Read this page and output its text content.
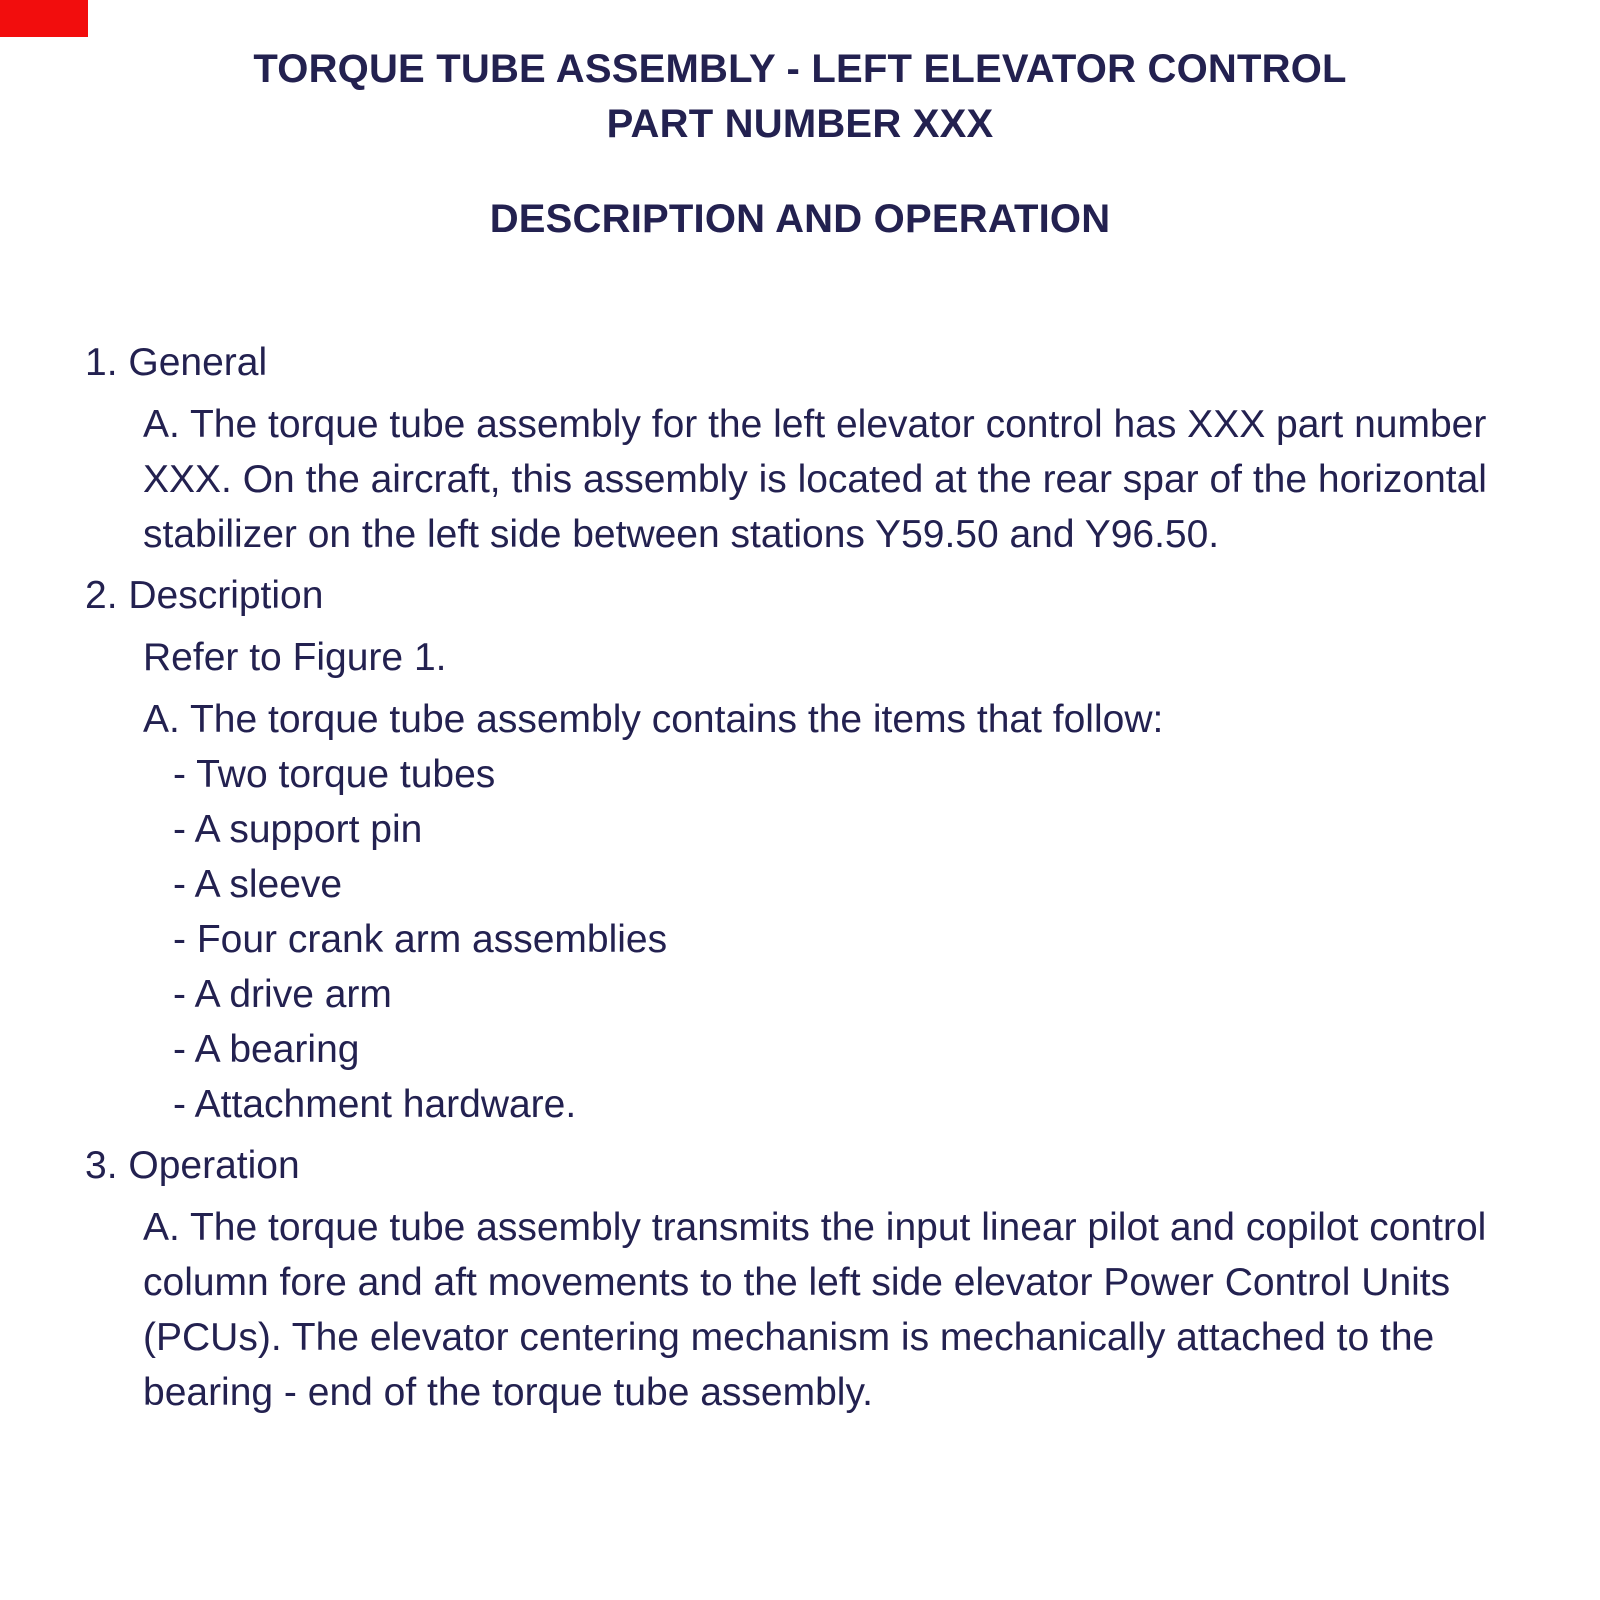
TORQUE TUBE ASSEMBLY - LEFT ELEVATOR CONTROL
PART NUMBER XXX
DESCRIPTION AND OPERATION
1. General
A. The torque tube assembly for the left elevator control has XXX part number
XXX. On the aircraft, this assembly is located at the rear spar of the horizontal
stabilizer on the left side between stations Y59.50 and Y96.50.
2. Description
Refer to Figure 1.
A. The torque tube assembly contains the items that follow:
- Two torque tubes
- A support pin
- A sleeve
- Four crank arm assemblies
- A drive arm
- A bearing
- Attachment hardware.
3. Operation
A. The torque tube assembly transmits the input linear pilot and copilot control
column fore and aft movements to the left side elevator Power Control Units
(PCUs). The elevator centering mechanism is mechanically attached to the
bearing - end of the torque tube assembly.
